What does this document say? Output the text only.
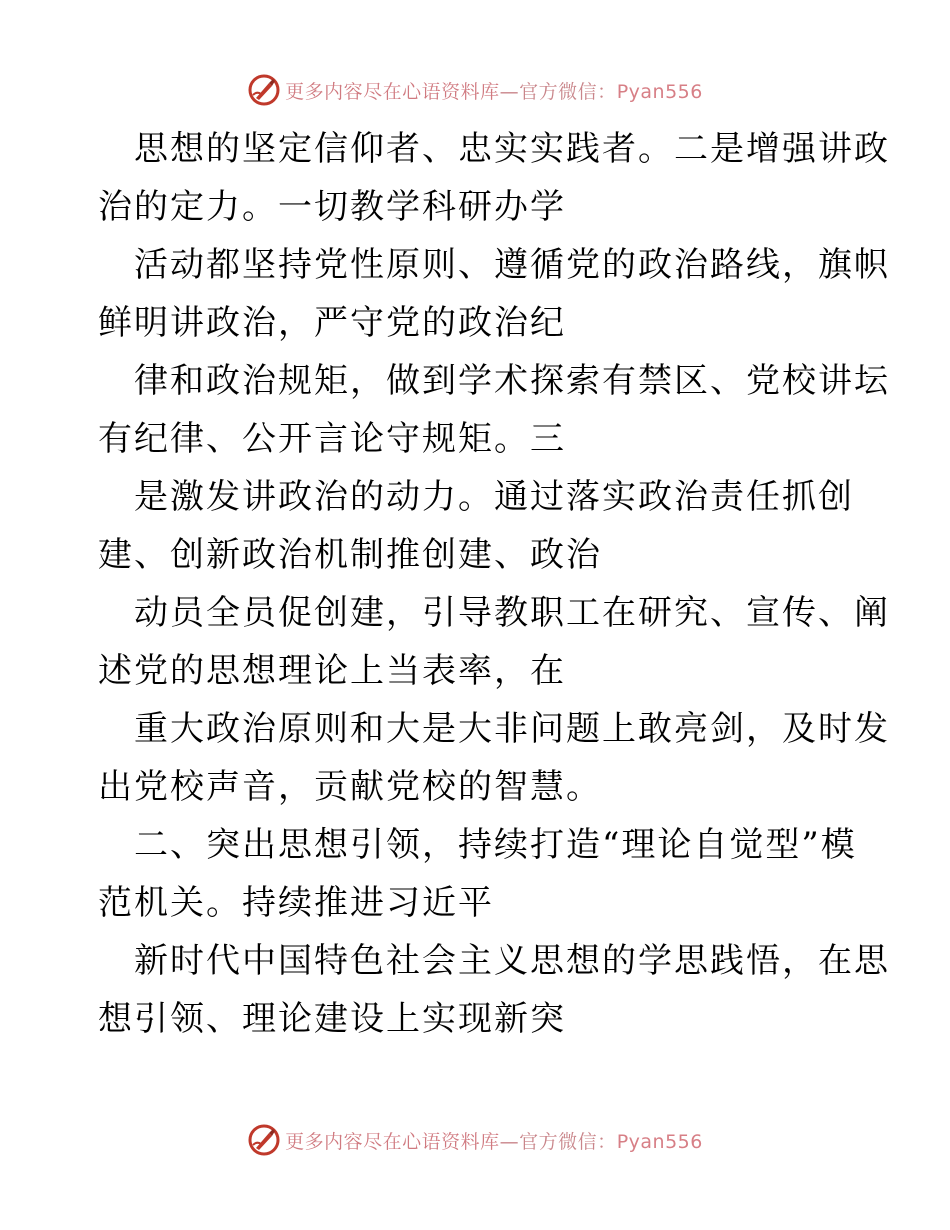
更多内容尽在心语资料库—官方微信：Pyan556
思想的坚定信仰者、忠实实践者。二是增强讲政
治的定力。一切教学科研办学
活动都坚持党性原则、遵循党的政治路线，旗帜
鲜明讲政治，严守党的政治纪
律和政治规矩，做到学术探索有禁区、党校讲坛
有纪律、公开言论守规矩。三
是激发讲政治的动力。通过落实政治责任抓创
建、创新政治机制推创建、政治
动员全员促创建，引导教职工在研究、宣传、阐
述党的思想理论上当表率，在
重大政治原则和大是大非问题上敢亮剑，及时发
出党校声音，贡献党校的智慧。
二、突出思想引领，持续打造“理论自觉型”模
范机关。持续推进习近平
新时代中国特色社会主义思想的学思践悟，在思
想引领、理论建设上实现新突
更多内容尽在心语资料库—官方微信：Pyan556
